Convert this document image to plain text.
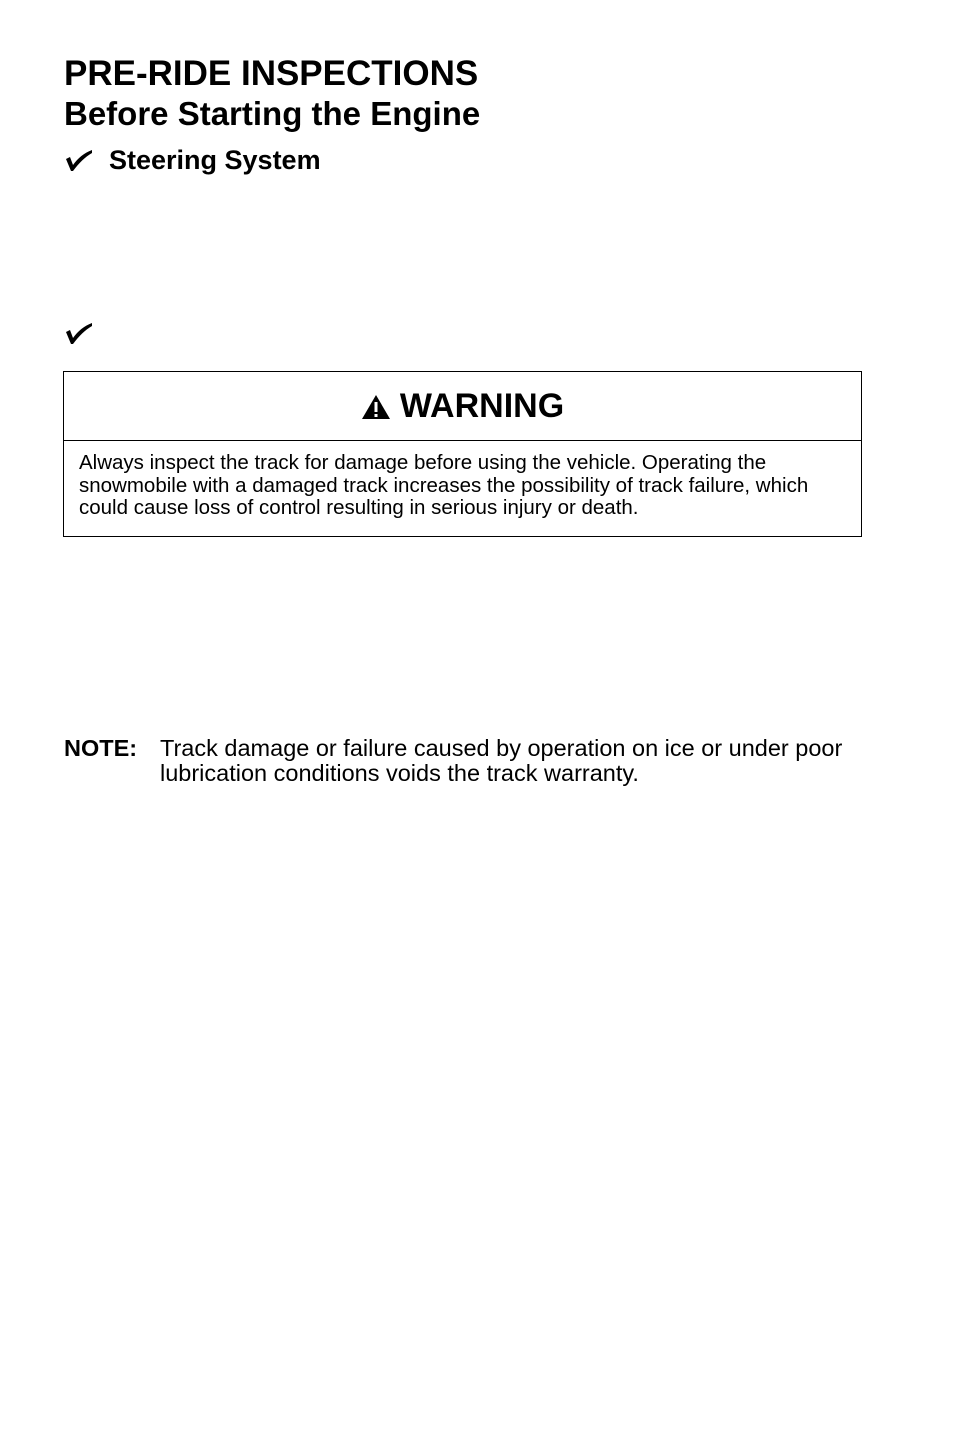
PRE-RIDE INSPECTIONS
Before Starting the Engine
Steering System
WARNING
Always inspect the track for damage before using the vehicle. Operating the snowmobile with a damaged track increases the possibility of track failure, which could cause loss of control resulting in serious injury or death.
NOTE: Track damage or failure caused by operation on ice or under poor lubrication conditions voids the track warranty.
